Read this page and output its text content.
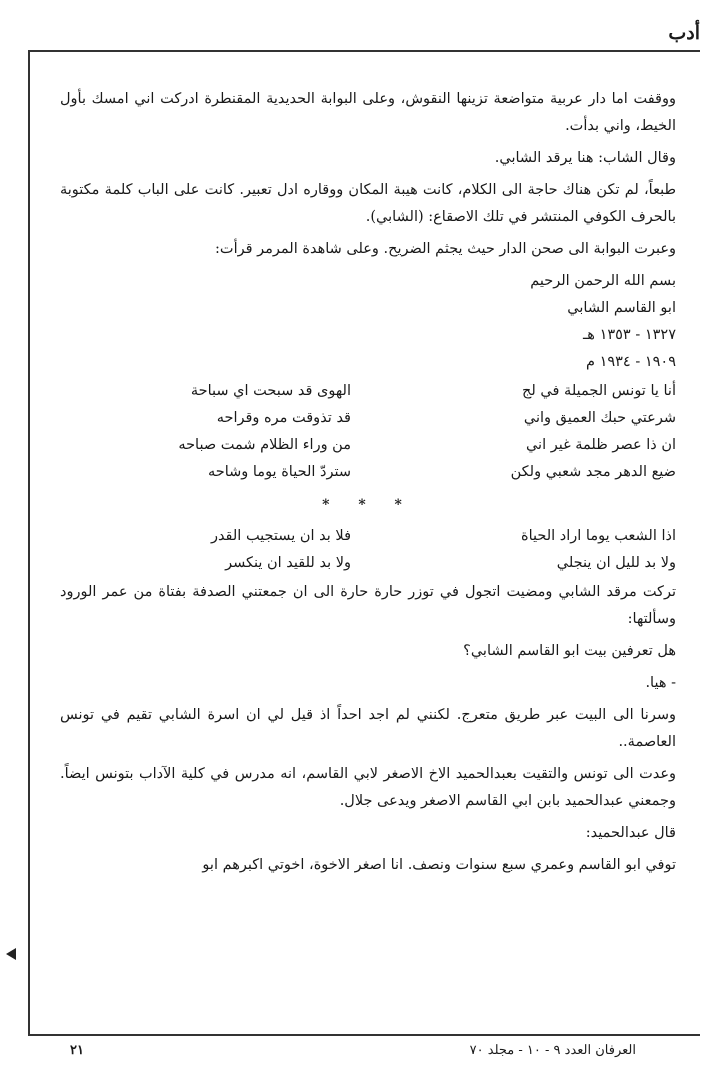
أدب

ووقفت اما دار عربية متواضعة تزينها النقوش، وعلى البوابة الحديدية المقنطرة ادركت اني امسك بأول الخيط، واني بدأت.

وقال الشاب: هنا يرقد الشابي.

طبعاً، لم تكن هناك حاجة الى الكلام، كانت هيبة المكان ووقاره ادل تعبير. كانت على الباب كلمة مكتوبة بالحرف الكوفي المنتشر في تلك الاصقاع: (الشابي).

وعبرت البوابة الى صحن الدار حيث يجثم الضريح. وعلى شاهدة المرمر قرأت:

بسم الله الرحمن الرحيم

ابو القاسم الشابي

١٣٢٧ - ١٣٥٣ هـ

١٩٠٩ - ١٩٣٤ م

أنا يا تونس الجميلة في لج
الهوى قد سبحت اي سباحة
شرعتي حبك العميق واني
قد تذوقت مره وقراحه
ان ذا عصر ظلمة غير اني
من وراء الظلام شمت صباحه
ضيع الدهر مجد شعبي ولكن
ستردّ الحياة يوما وشاحه
* * *
اذا الشعب يوما اراد الحياة
فلا بد ان يستجيب القدر
ولا بد لليل ان ينجلي
ولا بد للقيد ان ينكسر

تركت مرقد الشابي ومضيت اتجول في توزر حارة حارة الى ان جمعتني الصدفة بفتاة من عمر الورود وسألتها:

هل تعرفين بيت ابو القاسم الشابي؟

- هيا.

وسرنا الى البيت عبر طريق متعرج. لكنني لم اجد احداً اذ قيل لي ان اسرة الشابي تقيم في تونس العاصمة..

وعدت الى تونس والتقيت بعبدالحميد الاخ الاصغر لابي القاسم، انه مدرس في كلية الآداب بتونس ايضاً. وجمعني عبدالحميد بابن ابي القاسم الاصغر ويدعى جلال.

قال عبدالحميد:

توفي ابو القاسم وعمري سبع سنوات ونصف. انا اصغر الاخوة، اخوتي اكبرهم ابو

٢١	العرفان العدد ٩ - ١٠ - مجلد ٧٠
